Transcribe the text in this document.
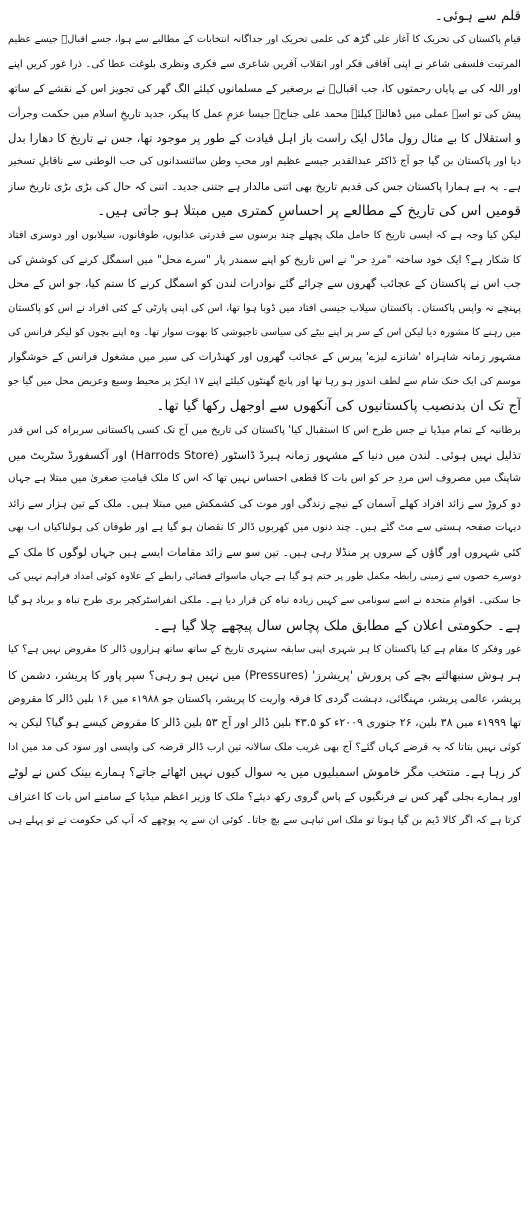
قلم سے ہوئی۔
قیامِ پاکستان کی تحریک کا آغاز علی گڑھ کی علمی تحریک اور جداگانہ انتخابات کے مطالبے سے ہوا، جسے اقبالؒ جیسے عظیم
المرتبت فلسفی شاعر نے اپنی آفاقی فکر اور انقلاب آفریں شاعری سے فکری ونظری بلوغت عطا کی۔ ذرا غور کریں اپنے
اور اللہ کی بے پایاں رحمتوں کا، جب اقبالؒ نے برصغیر کے مسلمانوں کیلئے الگ گھر کی تجویز اس کے نقشے کے ساتھ
پیش کی تو اسے عملی میں ڈھالنے کیلئے محمد علی جناحؒ جیسا عزمِ عمل کا پیکر، جدید تاریخِ اسلام میں حکمت وجرأت
و استقلال کا بے مثال رول ماڈل ایک راست باز اہل قیادت کے طور پر موجود تھا، جس نے تاریخ کا دھارا بدل
دیا اور پاکستان بن گیا جو آج ڈاکٹر عبدالقدیر جیسے عظیم اور محبِ وطن سائنسدانوں کی حب الوطنی سے ناقابلِ تسخیر
ہے۔ یہ ہے ہمارا پاکستان جس کی قدیم تاریخ بھی اتنی مالدار ہے جتنی جدید۔ اتنی کہ حال کی بڑی بڑی تاریخ ساز
قومیں اس کی تاریخ کے مطالعے پر احساسِ کمتری میں مبتلا ہو جاتی ہیں۔
لیکن کیا وجہ ہے کہ ایسی تاریخ کا حامل ملک پچھلے چند برسوں سے قدرتی عذابوں، طوفانوں، سیلابوں اور دوسری افتاد
کا شکار ہے؟ ایک خود ساختہ "مردِ حر" نے اس تاریخ کو اپنے سمندر پار "سرے محل" میں اسمگل کرنے کی کوشش کی
جب اس نے پاکستان کے عجائب گھروں سے چرائے گئے نوادرات لندن کو اسمگل کرنے کا ستم کیا، جو اس کے محل
پہنچے نہ واپس پاکستان۔ پاکستان سیلاب جیسی افتاد میں ڈوبا ہوا تھا، اس کی اپنی پارٹی کے کئی افراد نے اس کو پاکستان
میں رہنے کا مشورہ دیا لیکن اس کے سر پر اپنے بیٹے کی سیاسی تاجپوشی کا بھوت سوار تھا۔ وہ اپنے بچوں کو لیکر فرانس کی
مشہور زمانہ شاہراہ 'شانزے لیزے' پیرس کے عجائب گھروں اور کھنڈرات کی سیر میں مشغول فرانس کے خوشگوار
موسم کی ایک خنک شام سے لطف اندوز ہو رہا تھا اور پانچ گھنٹوں کیلئے اپنے ۱۷ ایکڑ پر محیط وسیع وعریض محل میں گیا جو
آج تک ان بدنصیب پاکستانیوں کی آنکھوں سے اوجھل رکھا گیا تھا۔
برطانیہ کے تمام میڈیا نے جس طرح اس کا استقبال کیا' پاکستان کی تاریخ میں آج تک کسی پاکستانی سربراہ کی اس قدر
تذلیل نہیں ہوئی۔ لندن میں دنیا کے مشہور زمانہ ہیرڈ ڈاسٹور (Harrods Store) اور آکسفورڈ سٹریٹ میں
شاپنگ میں مصروف اس مردِ حر کو اس بات کا قطعی احساس نہیں تھا کہ اس کا ملک قیامتِ صغریٰ میں مبتلا ہے جہاں
دو کروڑ سے زائد افراد کھلے آسمان کے نیچے زندگی اور موت کی کشمکش میں مبتلا ہیں۔ ملک کے تین ہزار سے زائد
دیہات صفحہ ہستی سے مٹ گئے ہیں۔ چند دنوں میں کھربوں ڈالر کا نقصان ہو گیا ہے اور طوفان کی ہولناکیاں اب بھی
کئی شہروں اور گاؤں کے سروں پر منڈلا رہی ہیں۔ تین سو سے زائد مقامات ایسے ہیں جہاں لوگوں کا ملک کے
دوسرے حصوں سے زمینی رابطہ مکمل طور پر ختم ہو گیا ہے جہاں ماسوائے فضائی رابطے کے علاوہ کوئی امداد فراہم نہیں کی
جا سکتی۔ اقوامِ متحدہ نے اسے سونامی سے کہیں زیادہ تباہ کن قرار دیا ہے۔ ملکی انفراسٹرکچر بری طرح تباہ و برباد ہو گیا
ہے۔ حکومتی اعلان کے مطابق ملک پچاس سال پیچھے چلا گیا ہے۔
غور وفکر کا مقام ہے کیا پاکستان کا ہر شہری اپنی سابقہ سنہری تاریخ کے ساتھ ساتھ ہزاروں ڈالر کا مقروض نہیں ہے؟ کیا
ہر ہوش سنبھالتے بچے کی پرورش 'پریشرز' (Pressures) میں نہیں ہو رہی؟ سپر پاور کا پریشر، دشمن کا
پریشر، عالمی پریشر، مہنگائی، دہشت گردی کا فرقہ واریت کا پریشر، پاکستان جو ۱۹۸۸ء میں ۱۶ بلین ڈالر کا مقروض
تھا ۱۹۹۹ء میں ۳۸ بلین، ۲۶ جنوری ۲۰۰۹ء کو ۴۳.۵ بلین ڈالر اور آج ۵۳ بلین ڈالر کا مقروض کیسے ہو گیا؟ لیکن یہ
کوئی نہیں بتاتا کہ یہ قرضے کہاں گئے؟ آج بھی غریب ملک سالانہ تین ارب ڈالر قرضہ کی واپسی اور سود کی مد میں ادا
کر رہا ہے۔ منتخب مگر خاموش اسمبلیوں میں یہ سوال کیوں نہیں اٹھائے جاتے؟ ہمارے بینک کس نے لوٹے
اور ہمارے بجلی گھر کس نے فرنگیوں کے پاس گروی رکھ دیئے؟ ملک کا وزیر اعظم میڈیا کے سامنے اس بات کا اعتراف
کرتا ہے کہ اگر کالا ڈیم بن گیا ہوتا تو ملک اس تباہی سے بچ جاتا۔ کوئی ان سے یہ پوچھے کہ آپ کی حکومت نے تو پہلے ہی
